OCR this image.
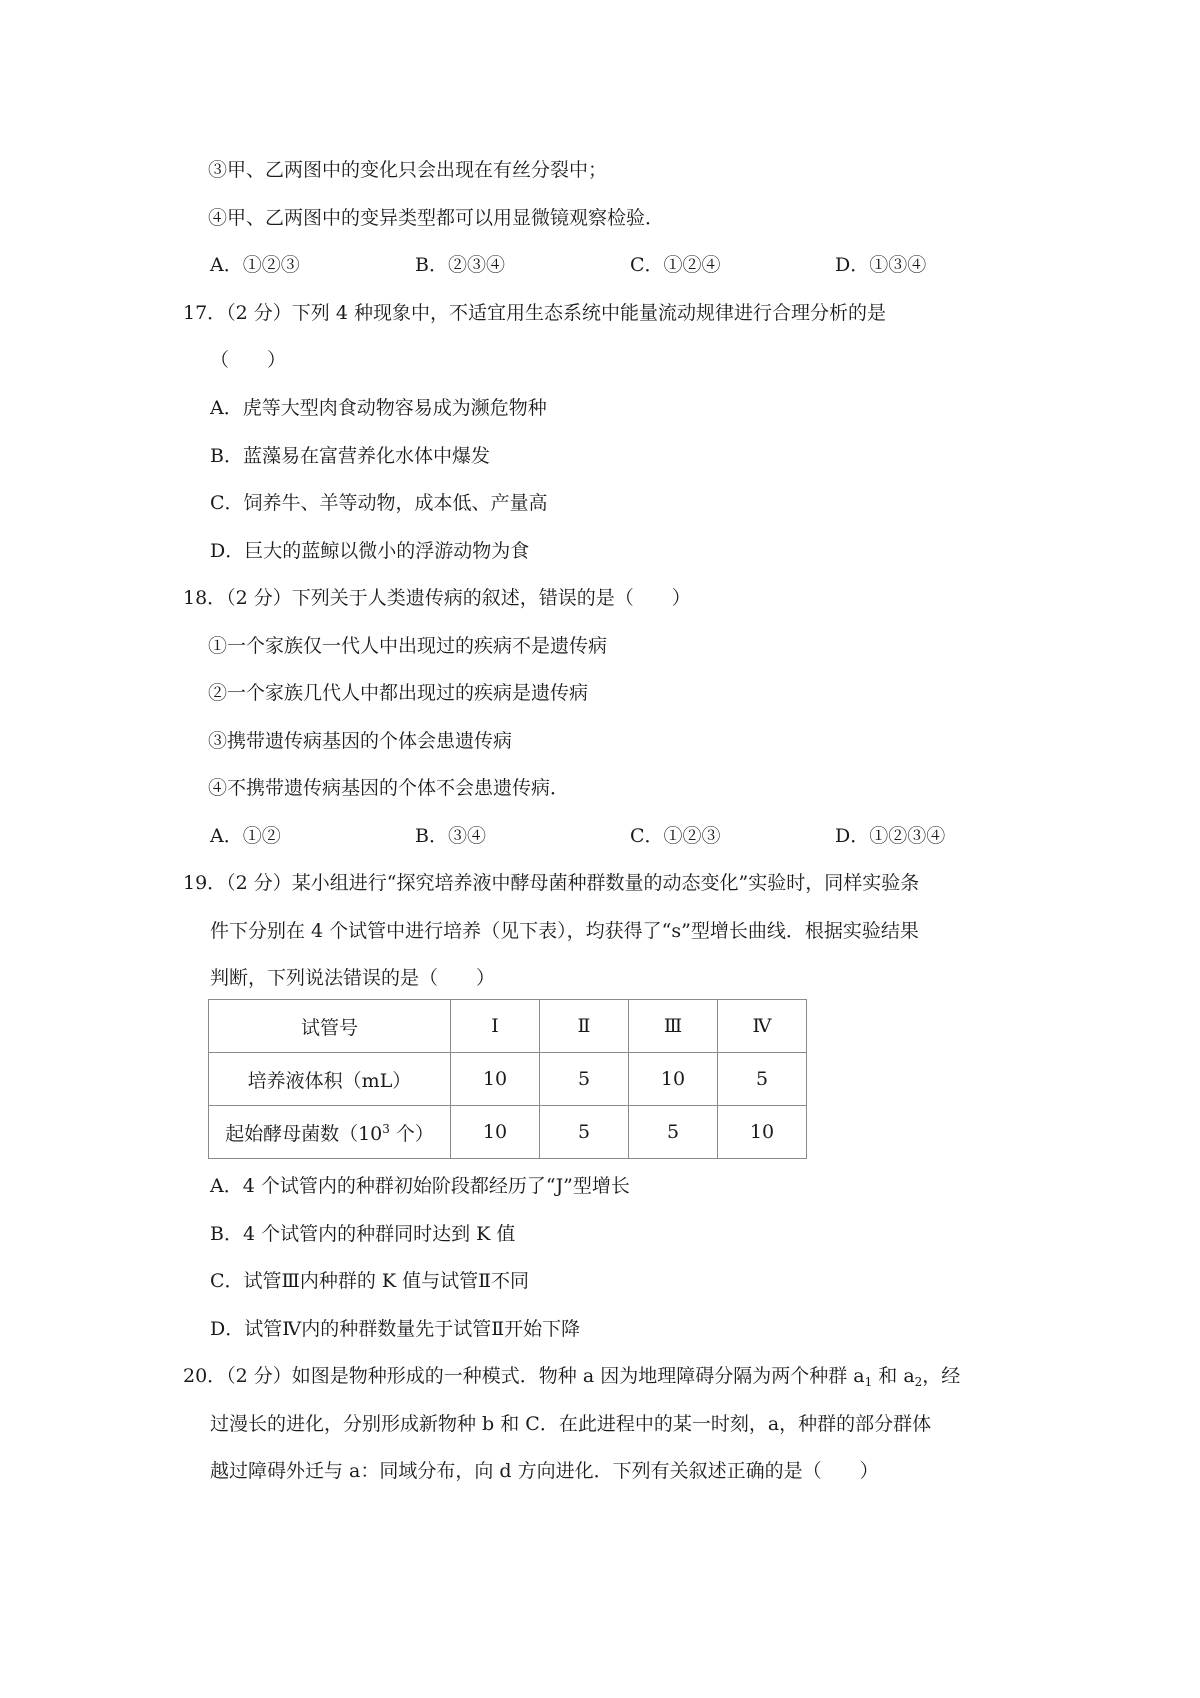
③甲、乙两图中的变化只会出现在有丝分裂中；
④甲、乙两图中的变异类型都可以用显微镜观察检验．
A．①②③	B．②③④	C．①②④	D．①③④
17．（2 分）下列 4 种现象中，不适宜用生态系统中能量流动规律进行合理分析的是
（　　）
A．虎等大型肉食动物容易成为濒危物种
B．蓝藻易在富营养化水体中爆发
C．饲养牛、羊等动物，成本低、产量高
D．巨大的蓝鲸以微小的浮游动物为食
18．（2 分）下列关于人类遗传病的叙述，错误的是（　　）
①一个家族仅一代人中出现过的疾病不是遗传病
②一个家族几代人中都出现过的疾病是遗传病
③携带遗传病基因的个体会患遗传病
④不携带遗传病基因的个体不会患遗传病．
A．①②	B．③④	C．①②③	D．①②③④
19．（2 分）某小组进行“探究培养液中酵母菌种群数量的动态变化”实验时，同样实验条
件下分别在 4 个试管中进行培养（见下表），均获得了“s”型增长曲线．根据实验结果
判断，下列说法错误的是（　　）
试管号	Ⅰ	Ⅱ	Ⅲ	Ⅳ
培养液体积（mL）	10	5	10	5
起始酵母菌数（$10^3$ 个）	10	5	5	10
A．4 个试管内的种群初始阶段都经历了“J”型增长
B．4 个试管内的种群同时达到 K 值
C．试管Ⅲ内种群的 K 值与试管Ⅱ不同
D．试管Ⅳ内的种群数量先于试管Ⅱ开始下降
20．（2 分）如图是物种形成的一种模式．物种 a 因为地理障碍分隔为两个种群 $a_1$ 和 $a_2$，经
过漫长的进化，分别形成新物种 b 和 C．在此进程中的某一时刻，a，种群的部分群体
越过障碍外迁与 a：同域分布，向 d 方向进化．下列有关叙述正确的是（　　）
